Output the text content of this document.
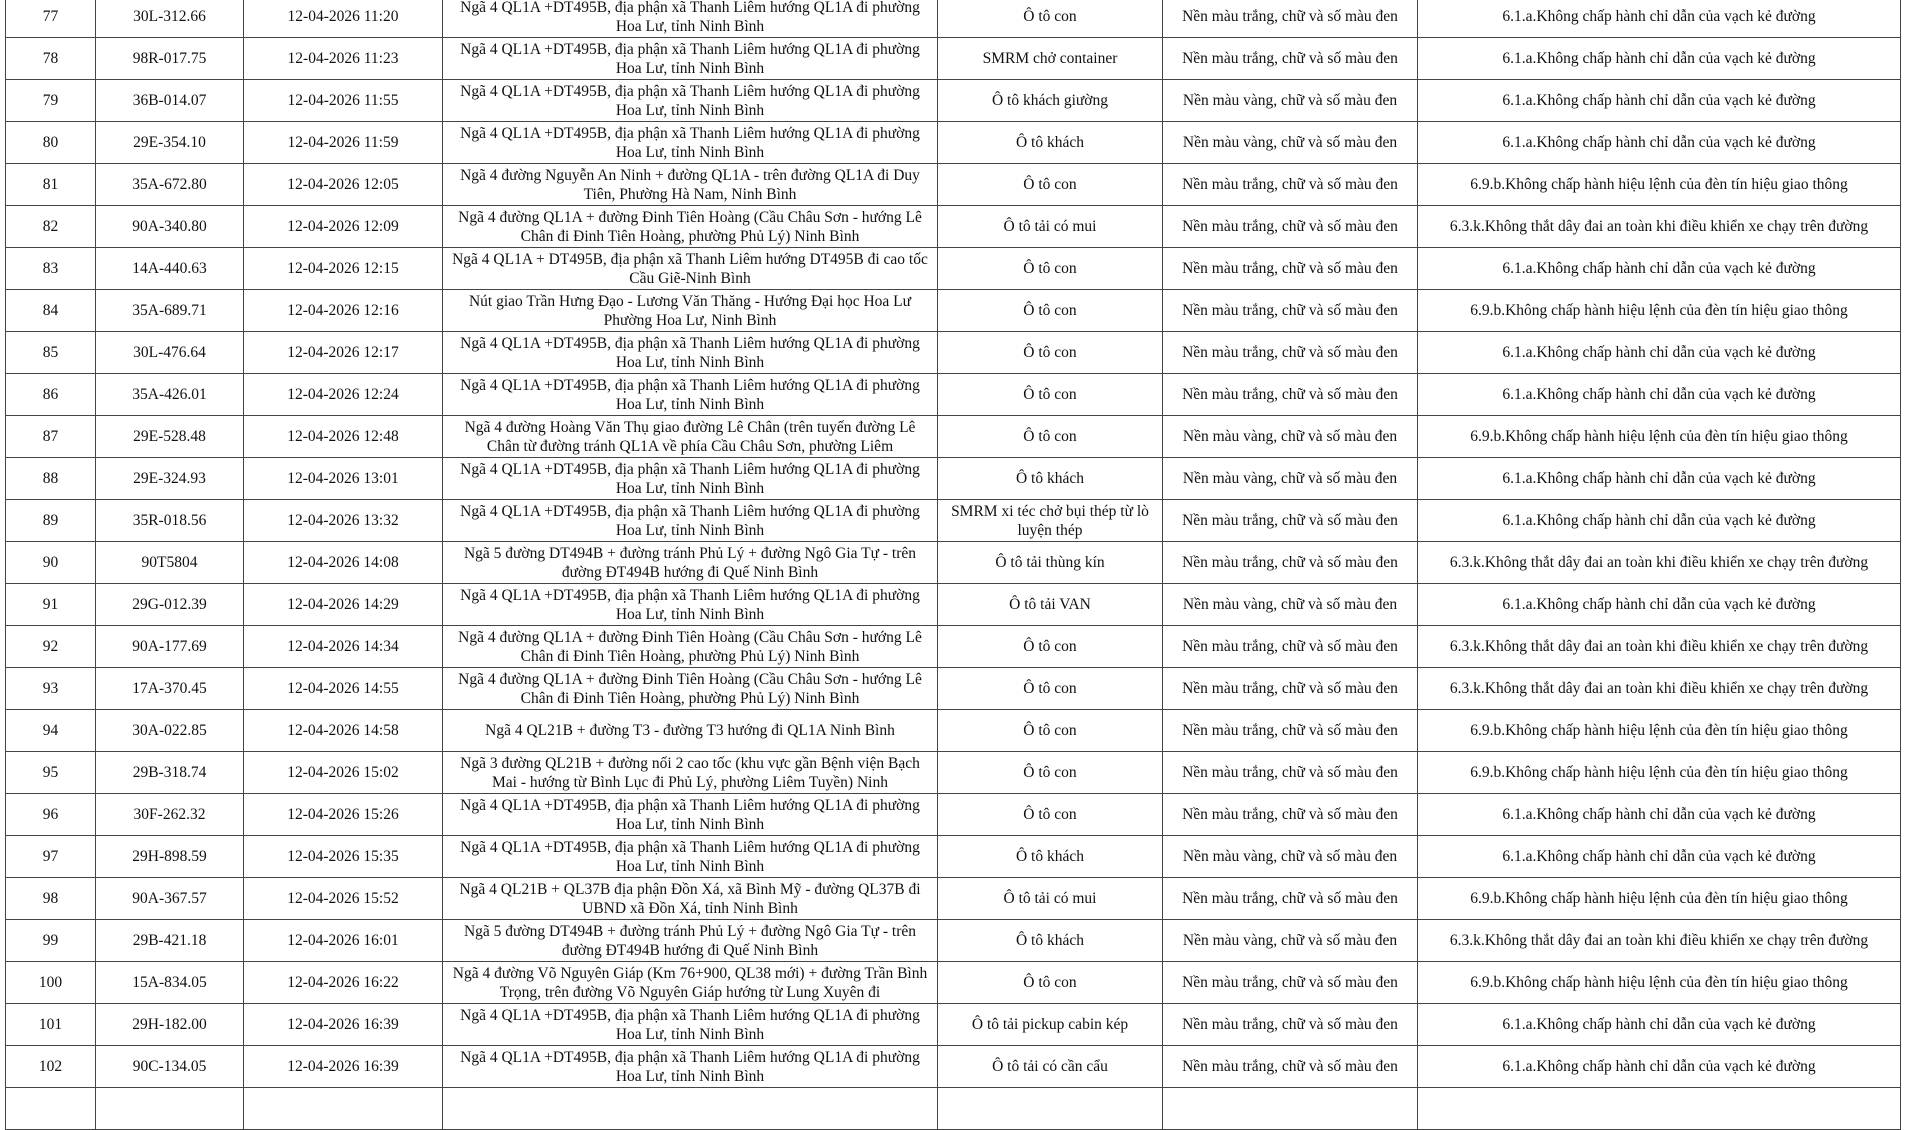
77	30L-312.66	12-04-2026 11:20	Ngã 4 QL1A +DT495B, địa phận xã Thanh Liêm hướng QL1A đi phường Hoa Lư, tỉnh Ninh Bình	Ô tô con	Nền màu trắng, chữ và số màu đen	6.1.a.Không chấp hành chỉ dẫn của vạch kẻ đường
78	98R-017.75	12-04-2026 11:23	Ngã 4 QL1A +DT495B, địa phận xã Thanh Liêm hướng QL1A đi phường Hoa Lư, tỉnh Ninh Bình	SMRM chở container	Nền màu trắng, chữ và số màu đen	6.1.a.Không chấp hành chỉ dẫn của vạch kẻ đường
79	36B-014.07	12-04-2026 11:55	Ngã 4 QL1A +DT495B, địa phận xã Thanh Liêm hướng QL1A đi phường Hoa Lư, tỉnh Ninh Bình	Ô tô khách giường	Nền màu vàng, chữ và số màu đen	6.1.a.Không chấp hành chỉ dẫn của vạch kẻ đường
80	29E-354.10	12-04-2026 11:59	Ngã 4 QL1A +DT495B, địa phận xã Thanh Liêm hướng QL1A đi phường Hoa Lư, tỉnh Ninh Bình	Ô tô khách	Nền màu vàng, chữ và số màu đen	6.1.a.Không chấp hành chỉ dẫn của vạch kẻ đường
81	35A-672.80	12-04-2026 12:05	Ngã 4 đường Nguyễn An Ninh + đường QL1A - trên đường QL1A đi Duy Tiên, Phường Hà Nam, Ninh Bình	Ô tô con	Nền màu trắng, chữ và số màu đen	6.9.b.Không chấp hành hiệu lệnh của đèn tín hiệu giao thông
82	90A-340.80	12-04-2026 12:09	Ngã 4 đường QL1A + đường Đinh Tiên Hoàng (Cầu Châu Sơn - hướng Lê Chân đi Đinh Tiên Hoàng, phường Phủ Lý) Ninh Bình	Ô tô tải có mui	Nền màu trắng, chữ và số màu đen	6.3.k.Không thắt dây đai an toàn khi điều khiển xe chạy trên đường
83	14A-440.63	12-04-2026 12:15	Ngã 4 QL1A + DT495B, địa phận xã Thanh Liêm hướng DT495B đi cao tốc Cầu Giẽ-Ninh Bình	Ô tô con	Nền màu trắng, chữ và số màu đen	6.1.a.Không chấp hành chỉ dẫn của vạch kẻ đường
84	35A-689.71	12-04-2026 12:16	Nút giao Trần Hưng Đạo - Lương Văn Thăng - Hướng Đại học Hoa Lư Phường Hoa Lư, Ninh Bình	Ô tô con	Nền màu trắng, chữ và số màu đen	6.9.b.Không chấp hành hiệu lệnh của đèn tín hiệu giao thông
85	30L-476.64	12-04-2026 12:17	Ngã 4 QL1A +DT495B, địa phận xã Thanh Liêm hướng QL1A đi phường Hoa Lư, tỉnh Ninh Bình	Ô tô con	Nền màu trắng, chữ và số màu đen	6.1.a.Không chấp hành chỉ dẫn của vạch kẻ đường
86	35A-426.01	12-04-2026 12:24	Ngã 4 QL1A +DT495B, địa phận xã Thanh Liêm hướng QL1A đi phường Hoa Lư, tỉnh Ninh Bình	Ô tô con	Nền màu trắng, chữ và số màu đen	6.1.a.Không chấp hành chỉ dẫn của vạch kẻ đường
87	29E-528.48	12-04-2026 12:48	Ngã 4 đường Hoàng Văn Thụ giao đường Lê Chân (trên tuyến đường Lê Chân từ đường tránh QL1A về phía Cầu Châu Sơn, phường Liêm	Ô tô con	Nền màu vàng, chữ và số màu đen	6.9.b.Không chấp hành hiệu lệnh của đèn tín hiệu giao thông
88	29E-324.93	12-04-2026 13:01	Ngã 4 QL1A +DT495B, địa phận xã Thanh Liêm hướng QL1A đi phường Hoa Lư, tỉnh Ninh Bình	Ô tô khách	Nền màu vàng, chữ và số màu đen	6.1.a.Không chấp hành chỉ dẫn của vạch kẻ đường
89	35R-018.56	12-04-2026 13:32	Ngã 4 QL1A +DT495B, địa phận xã Thanh Liêm hướng QL1A đi phường Hoa Lư, tỉnh Ninh Bình	SMRM xi téc chở bụi thép từ lò luyện thép	Nền màu trắng, chữ và số màu đen	6.1.a.Không chấp hành chỉ dẫn của vạch kẻ đường
90	90T5804	12-04-2026 14:08	Ngã 5 đường DT494B + đường tránh Phủ Lý + đường Ngô Gia Tự - trên đường ĐT494B hướng đi Quế Ninh Bình	Ô tô tải thùng kín	Nền màu trắng, chữ và số màu đen	6.3.k.Không thắt dây đai an toàn khi điều khiển xe chạy trên đường
91	29G-012.39	12-04-2026 14:29	Ngã 4 QL1A +DT495B, địa phận xã Thanh Liêm hướng QL1A đi phường Hoa Lư, tỉnh Ninh Bình	Ô tô tải VAN	Nền màu vàng, chữ và số màu đen	6.1.a.Không chấp hành chỉ dẫn của vạch kẻ đường
92	90A-177.69	12-04-2026 14:34	Ngã 4 đường QL1A + đường Đinh Tiên Hoàng (Cầu Châu Sơn - hướng Lê Chân đi Đinh Tiên Hoàng, phường Phủ Lý) Ninh Bình	Ô tô con	Nền màu trắng, chữ và số màu đen	6.3.k.Không thắt dây đai an toàn khi điều khiển xe chạy trên đường
93	17A-370.45	12-04-2026 14:55	Ngã 4 đường QL1A + đường Đinh Tiên Hoàng (Cầu Châu Sơn - hướng Lê Chân đi Đinh Tiên Hoàng, phường Phủ Lý) Ninh Bình	Ô tô con	Nền màu trắng, chữ và số màu đen	6.3.k.Không thắt dây đai an toàn khi điều khiển xe chạy trên đường
94	30A-022.85	12-04-2026 14:58	Ngã 4 QL21B + đường T3 - đường T3 hướng đi QL1A Ninh Bình	Ô tô con	Nền màu trắng, chữ và số màu đen	6.9.b.Không chấp hành hiệu lệnh của đèn tín hiệu giao thông
95	29B-318.74	12-04-2026 15:02	Ngã 3 đường QL21B + đường nối 2 cao tốc (khu vực gần Bệnh viện Bạch Mai - hướng từ Bình Lục đi Phủ Lý, phường Liêm Tuyền) Ninh	Ô tô con	Nền màu trắng, chữ và số màu đen	6.9.b.Không chấp hành hiệu lệnh của đèn tín hiệu giao thông
96	30F-262.32	12-04-2026 15:26	Ngã 4 QL1A +DT495B, địa phận xã Thanh Liêm hướng QL1A đi phường Hoa Lư, tỉnh Ninh Bình	Ô tô con	Nền màu trắng, chữ và số màu đen	6.1.a.Không chấp hành chỉ dẫn của vạch kẻ đường
97	29H-898.59	12-04-2026 15:35	Ngã 4 QL1A +DT495B, địa phận xã Thanh Liêm hướng QL1A đi phường Hoa Lư, tỉnh Ninh Bình	Ô tô khách	Nền màu vàng, chữ và số màu đen	6.1.a.Không chấp hành chỉ dẫn của vạch kẻ đường
98	90A-367.57	12-04-2026 15:52	Ngã 4 QL21B + QL37B địa phận Đồn Xá, xã Bình Mỹ - đường QL37B đi UBND xã Đồn Xá, tỉnh Ninh Bình	Ô tô tải có mui	Nền màu trắng, chữ và số màu đen	6.9.b.Không chấp hành hiệu lệnh của đèn tín hiệu giao thông
99	29B-421.18	12-04-2026 16:01	Ngã 5 đường DT494B + đường tránh Phủ Lý + đường Ngô Gia Tự - trên đường ĐT494B hướng đi Quế Ninh Bình	Ô tô khách	Nền màu vàng, chữ và số màu đen	6.3.k.Không thắt dây đai an toàn khi điều khiển xe chạy trên đường
100	15A-834.05	12-04-2026 16:22	Ngã 4 đường Võ Nguyên Giáp (Km 76+900, QL38 mới) + đường Trần Bình Trọng, trên đường Võ Nguyên Giáp hướng từ Lung Xuyên đi	Ô tô con	Nền màu trắng, chữ và số màu đen	6.9.b.Không chấp hành hiệu lệnh của đèn tín hiệu giao thông
101	29H-182.00	12-04-2026 16:39	Ngã 4 QL1A +DT495B, địa phận xã Thanh Liêm hướng QL1A đi phường Hoa Lư, tỉnh Ninh Bình	Ô tô tải pickup cabin kép	Nền màu trắng, chữ và số màu đen	6.1.a.Không chấp hành chỉ dẫn của vạch kẻ đường
102	90C-134.05	12-04-2026 16:39	Ngã 4 QL1A +DT495B, địa phận xã Thanh Liêm hướng QL1A đi phường Hoa Lư, tỉnh Ninh Bình	Ô tô tải có cần cẩu	Nền màu trắng, chữ và số màu đen	6.1.a.Không chấp hành chỉ dẫn của vạch kẻ đường
